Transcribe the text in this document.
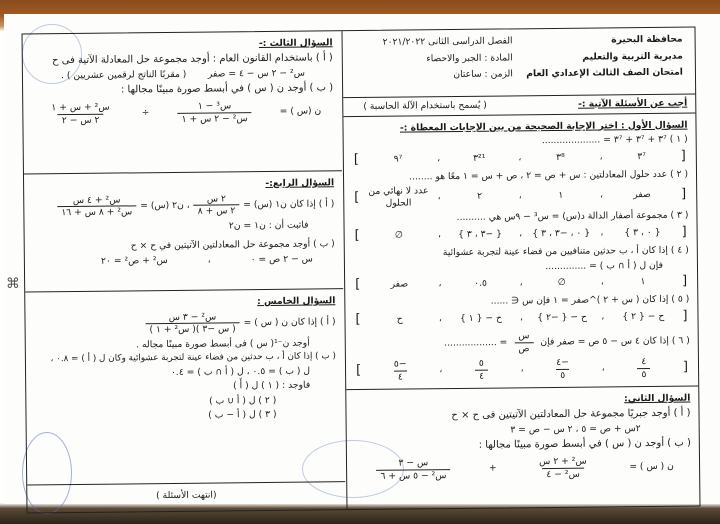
⌘
محافظة البحيرة
مديرية التربية والتعليم
امتحان الصف الثالث الإعدادي العام
الفصل الدراسى الثانى ٢٠٢١/٢٠٢٢
المادة : الجبر والاحصاء
الزمن : ساعتان
أجب عن الأسئلة الآتية :-
( يُسمح باستخدام الآلة الحاسبة )
السؤال الأول : اختر الإجابة الصحيحة من بين الإجابات المعطاة :-
( ١ ) ٣⁷ + ٣⁷ + ٣⁷ = ....................
[
٣⁷
،
٣⁸
،
٣²¹
،
٩⁷
]
( ٢ ) عدد حلول المعادلتين : س + ص = ٢ ، ص + س = ١ معًا هو ........
[
صفر
،
١
،
٢
،
عدد لا نهائي من الحلول
]
( ٣ ) مجموعة أصفار الدالة د(س) = س³ − ٩س هي ..........
[
{ ٠ ، ٣ }
،
{ ٠ ، −٣ ، ٣ }
،
{ −٣ ، ٣ }
،
∅
]
( ٤ ) إذا كان أ ، ب حدثين متنافيين من فضاء عينة لتجربة عشوائية
فإن ل ( أ ∩ ب ) = ..............
[
١
،
∅
،
٠.٥
،
صفر
]
( ٥ ) إذا كان ( س + ٢ )^صفر = ١ فإن س ∈ ......
[
ح − { ٢ }
،
ح − { −٢ }
،
ح − { ١ }
،
ح
]
( ٦ ) إذا كان ٤ س − ٥ ص = صفر فإن
$\frac{\text{س}}{\text{ص}}$
= ..................
[
$\frac{٤}{٥}$
،
$\frac{-٤}{٥}$
،
$\frac{٥}{٤}$
،
$\frac{-٥}{٤}$
]
السؤال الثاني:
( أ ) أوجد جبريًا مجموعة حل المعادلتين الآتيتين فى ح × ح
٢س + ص = ٥ ، ٢ س − ص = ٣
( ب ) أوجد ن ( س ) في أبسط صورة مبينًا مجالها :
ن ( س ) =
$\frac{\text{س² + ٢ س}}{\text{س² − ٤}}$
+
$\frac{\text{س − ٣}}{\text{س² − ٥ س + ٦}}$
السؤال الثالث :-
( أ ) باستخدام القانون العام : أوجد مجموعة حل المعادلة الآتية فى ح
س² − ٢ س − ٤ = صفر
( مقربًا الناتج لرقمين عشريين ) .
( ب ) أوجد ن ( س ) في أبسط صورة مبينًا مجالها :
ن (س ) =
$\frac{\text{س³ − ١}}{\text{س² − ٢ س + ١}}$
÷
$\frac{\text{س² + س + ١}}{\text{٢ س − ٢}}$
السؤال الرابع:-
( أ ) إذا كان ن١ (س) =
$\frac{\text{٢ س}}{\text{٢ س + ٨}}$
، ن٢ (س) =
$\frac{\text{س² + ٤ س}}{\text{س² + ٨ س + ١٦}}$
فاثبت أن : ن١ = ن٢
( ب ) أوجد مجموعة حل المعادلتين الآتيتين في ح × ح
س − ٢ ص = ٠
،
س² + ص² = ٢٠
السؤال الخامس :
( أ ) إذا كان ن ( س ) =
$\frac{\text{س² − ٣ س}}{\text{( س −٣ )( س² + ١ )}}$
أوجد ن⁻¹( س ) فى أبسط صورة مبينًا مجاله .
( ب ) إذا كان أ ، ب حدثين من فضاء عينة لتجربة عشوائية وكان ل ( أ ) = ٠.٨ ،
ل ( ب ) = ٠.٥ ، ل ( أ ∩ ب ) = ٠.٤
فاوجد : ( ١ ) ل ( أَ )
( ٢ ) ل ( أ ∪ ب )
( ٣ ) ل ( أ − ب )
(انتهت الأسئلة )
